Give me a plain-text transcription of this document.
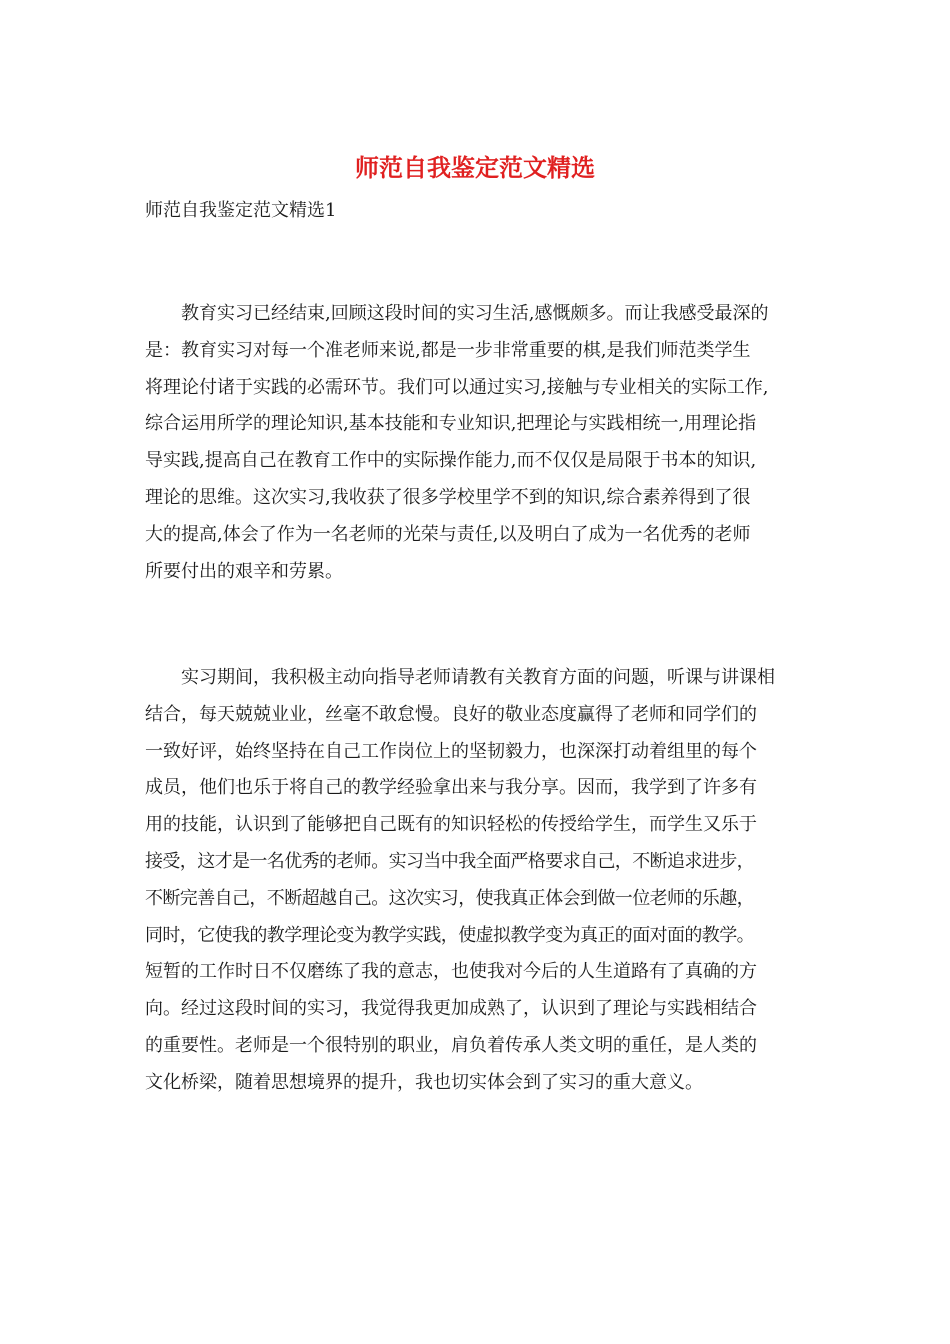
师范自我鉴定范文精选

师范自我鉴定范文精选1

教育实习已经结束,回顾这段时间的实习生活,感慨颇多。而让我感受最深的
是：教育实习对每一个准老师来说,都是一步非常重要的棋,是我们师范类学生
将理论付诸于实践的必需环节。我们可以通过实习,接触与专业相关的实际工作,
综合运用所学的理论知识,基本技能和专业知识,把理论与实践相统一,用理论指
导实践,提高自己在教育工作中的实际操作能力,而不仅仅是局限于书本的知识,
理论的思维。这次实习,我收获了很多学校里学不到的知识,综合素养得到了很
大的提高,体会了作为一名老师的光荣与责任,以及明白了成为一名优秀的老师
所要付出的艰辛和劳累。

实习期间，我积极主动向指导老师请教有关教育方面的问题，听课与讲课相
结合，每天兢兢业业，丝毫不敢怠慢。良好的敬业态度赢得了老师和同学们的
一致好评，始终坚持在自己工作岗位上的坚韧毅力，也深深打动着组里的每个
成员，他们也乐于将自己的教学经验拿出来与我分享。因而，我学到了许多有
用的技能，认识到了能够把自己既有的知识轻松的传授给学生，而学生又乐于
接受，这才是一名优秀的老师。实习当中我全面严格要求自己，不断追求进步，
不断完善自己，不断超越自己。这次实习，使我真正体会到做一位老师的乐趣，
同时，它使我的教学理论变为教学实践，使虚拟教学变为真正的面对面的教学。
短暂的工作时日不仅磨练了我的意志，也使我对今后的人生道路有了真确的方
向。经过这段时间的实习，我觉得我更加成熟了，认识到了理论与实践相结合
的重要性。老师是一个很特别的职业，肩负着传承人类文明的重任，是人类的
文化桥梁，随着思想境界的提升，我也切实体会到了实习的重大意义。
